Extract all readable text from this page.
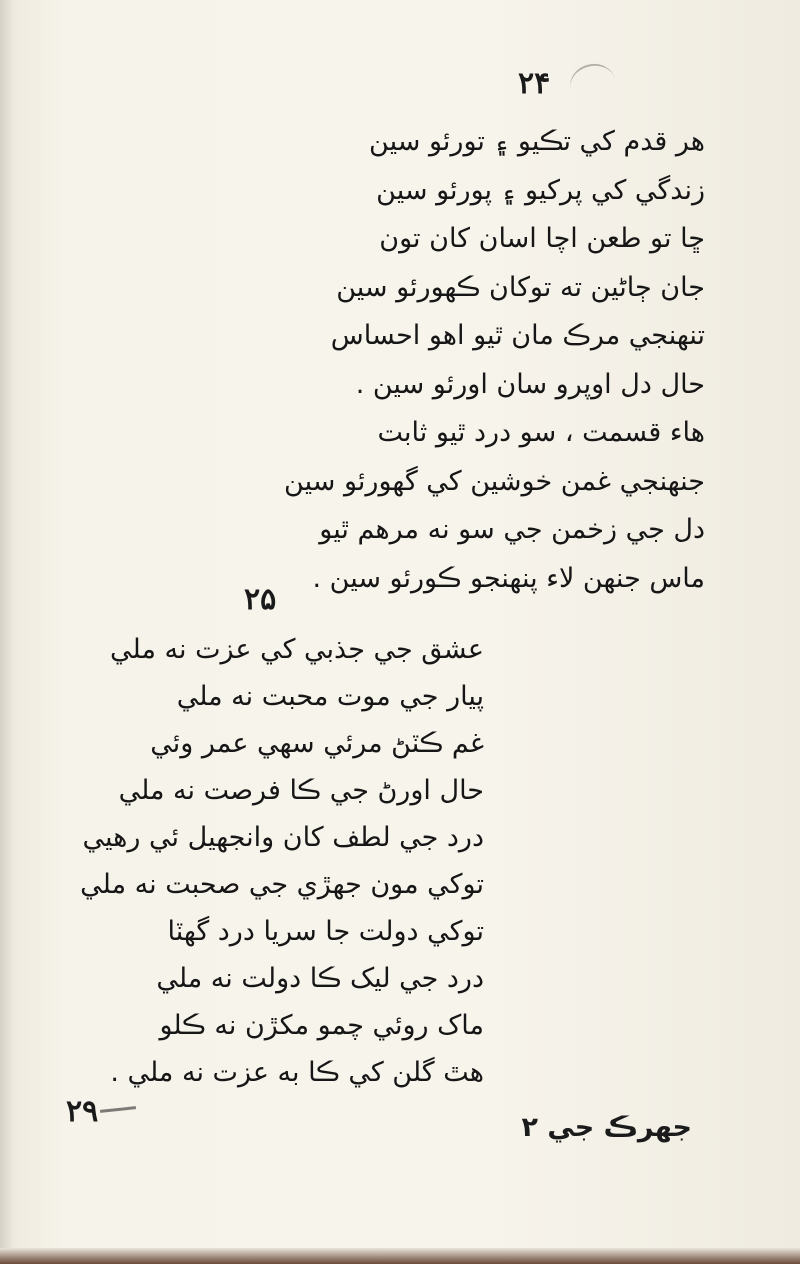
۲۴
هر قدم کي تڪيو ۽ تورئو سين
زندگي کي پرکيو ۽ پورئو سين
ڇا تو طعن اچا اسان کان تون
جان ڄاڻين ته توکان ڪهورئو سين
تنهنجي مرڪ مان ٿيو اهو احساس
حال دل اوپرو سان اورئو سين .
هاء قسمت ، سو درد ٿيو ثابت
جنهنجي غمن خوشين کي گهورئو سين
دل جي زخمن جي سو نه مرهم ٿيو
ماس جنهن لاء پنهنجو ڪورئو سين .
۲۵
عشق جي جذبي کي عزت نه ملي
پيار جي موت محبت نه ملي
غم ڪٽڻ مرئي سهي عمر وئي
حال اورڻ جي ڪا فرصت نه ملي
درد جي لطف کان وانجهيل ئي رهيي
توکي مون جهڙي جي صحبت نه ملي
توکي دولت جا سريا درد گهٽا
درد جي ليک ڪا دولت نه ملي
ماک روئي چمو مکڙن نه ڪلو
هٿ گلن کي ڪا به عزت نه ملي .
۲۹	جهرڪ جي ٢
